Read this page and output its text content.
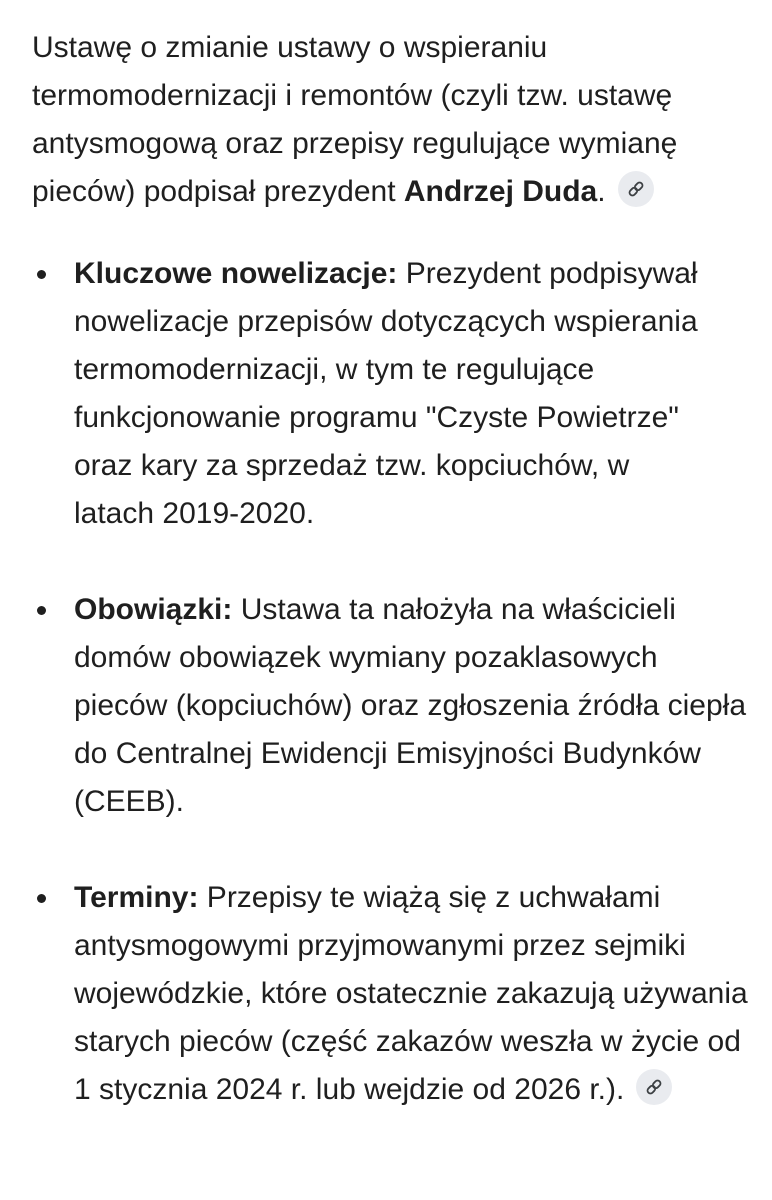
Ustawę o zmianie ustawy o wspieraniu termomodernizacji i remontów (czyli tzw. ustawę antysmogową oraz przepisy regulujące wymianę pieców) podpisał prezydent Andrzej Duda.

Kluczowe nowelizacje: Prezydent podpisywał nowelizacje przepisów dotyczących wspierania termomodernizacji, w tym te regulujące funkcjonowanie programu "Czyste Powietrze" oraz kary za sprzedaż tzw. kopciuchów, w latach 2019-2020.
Obowiązki: Ustawa ta nałożyła na właścicieli domów obowiązek wymiany pozaklasowych pieców (kopciuchów) oraz zgłoszenia źródła ciepła do Centralnej Ewidencji Emisyjności Budynków (CEEB).
Terminy: Przepisy te wiążą się z uchwałami antysmogowymi przyjmowanymi przez sejmiki wojewódzkie, które ostatecznie zakazują używania starych pieców (część zakazów weszła w życie od 1 stycznia 2024 r. lub wejdzie od 2026 r.).
